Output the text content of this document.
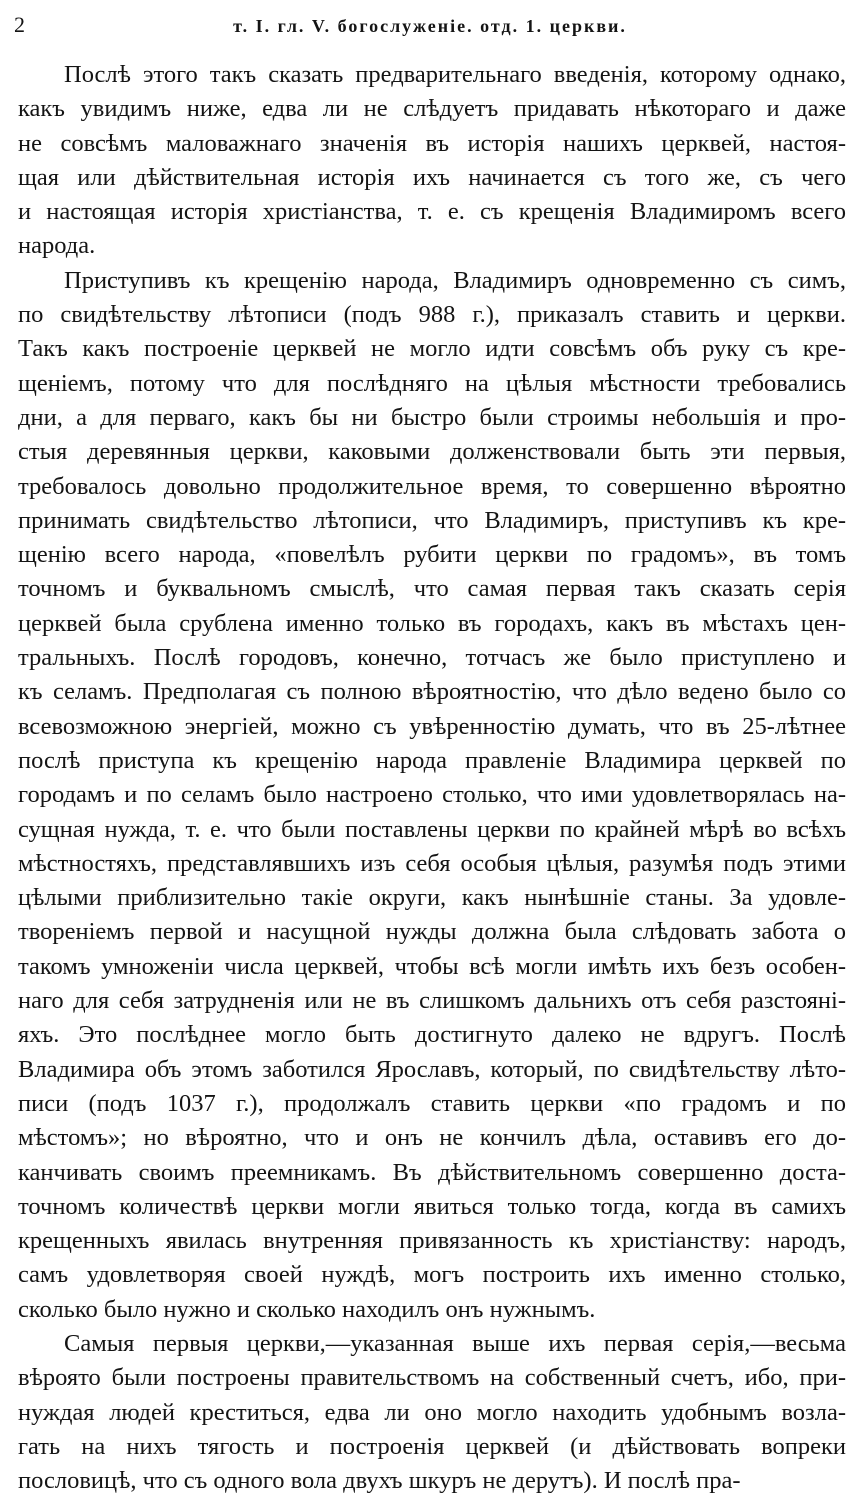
2	т. I. гл. V. богослуженіе. отд. 1. церкви.
Послѣ этого такъ сказать предварительнаго введенія, которому однако,
какъ увидимъ ниже, едва ли не слѣдуетъ придавать нѣкотораго и даже
не совсѣмъ маловажнаго значенія въ исторія нашихъ церквей, настоя-
щая или дѣйствительная исторія ихъ начинается съ того же, съ чего
и настоящая исторія христіанства, т. е. съ крещенія Владимиромъ всего
народа.
Приступивъ къ крещенію народа, Владимиръ одновременно съ симъ,
по свидѣтельству лѣтописи (подъ 988 г.), приказалъ ставить и церкви.
Такъ какъ построеніе церквей не могло идти совсѣмъ объ руку съ кре-
щеніемъ, потому что для послѣдняго на цѣлыя мѣстности требовались
дни, а для перваго, какъ бы ни быстро были строимы небольшія и про-
стыя деревянныя церкви, каковыми долженствовали быть эти первыя,
требовалось довольно продолжительное время, то совершенно вѣроятно
принимать свидѣтельство лѣтописи, что Владимиръ, приступивъ къ кре-
щенію всего народа, «повелѣлъ рубити церкви по градомъ», въ томъ
точномъ и буквальномъ смыслѣ, что самая первая такъ сказать серія
церквей была срублена именно только въ городахъ, какъ въ мѣстахъ цен-
тральныхъ. Послѣ городовъ, конечно, тотчасъ же было приступлено и
къ селамъ. Предполагая съ полною вѣроятностію, что дѣло ведено было со
всевозможною энергіей, можно съ увѣренностію думать, что въ 25-лѣтнее
послѣ приступа къ крещенію народа правленіе Владимира церквей по
городамъ и по селамъ было настроено столько, что ими удовлетворялась на-
сущная нужда, т. е. что были поставлены церкви по крайней мѣрѣ во всѣхъ
мѣстностяхъ, представлявшихъ изъ себя особыя цѣлыя, разумѣя подъ этими
цѣлыми приблизительно такіе округи, какъ нынѣшніе станы. За удовле-
твореніемъ первой и насущной нужды должна была слѣдовать забота о
такомъ умноженіи числа церквей, чтобы всѣ могли имѣть ихъ безъ особен-
наго для себя затрудненія или не въ слишкомъ дальнихъ отъ себя разстояні-
яхъ. Это послѣднее могло быть достигнуто далеко не вдругъ. Послѣ
Владимира объ этомъ заботился Ярославъ, который, по свидѣтельству лѣто-
писи (подъ 1037 г.), продолжалъ ставить церкви «по градомъ и по
мѣстомъ»; но вѣроятно, что и онъ не кончилъ дѣла, оставивъ его до-
канчивать своимъ преемникамъ. Въ дѣйствительномъ совершенно доста-
точномъ количествѣ церкви могли явиться только тогда, когда въ самихъ
крещенныхъ явилась внутренняя привязанность къ христіанству: народъ,
самъ удовлетворяя своей нуждѣ, могъ построить ихъ именно столько,
сколько было нужно и сколько находилъ онъ нужнымъ.
Самыя первыя церкви,—указанная выше ихъ первая серія,—весьма
вѣроято были построены правительствомъ на собственный счетъ, ибо, при-
нуждая людей креститься, едва ли оно могло находить удобнымъ возла-
гать на нихъ тягость и построенія церквей (и дѣйствовать вопреки
пословицѣ, что съ одного вола двухъ шкуръ не дерутъ). И послѣ пра-
